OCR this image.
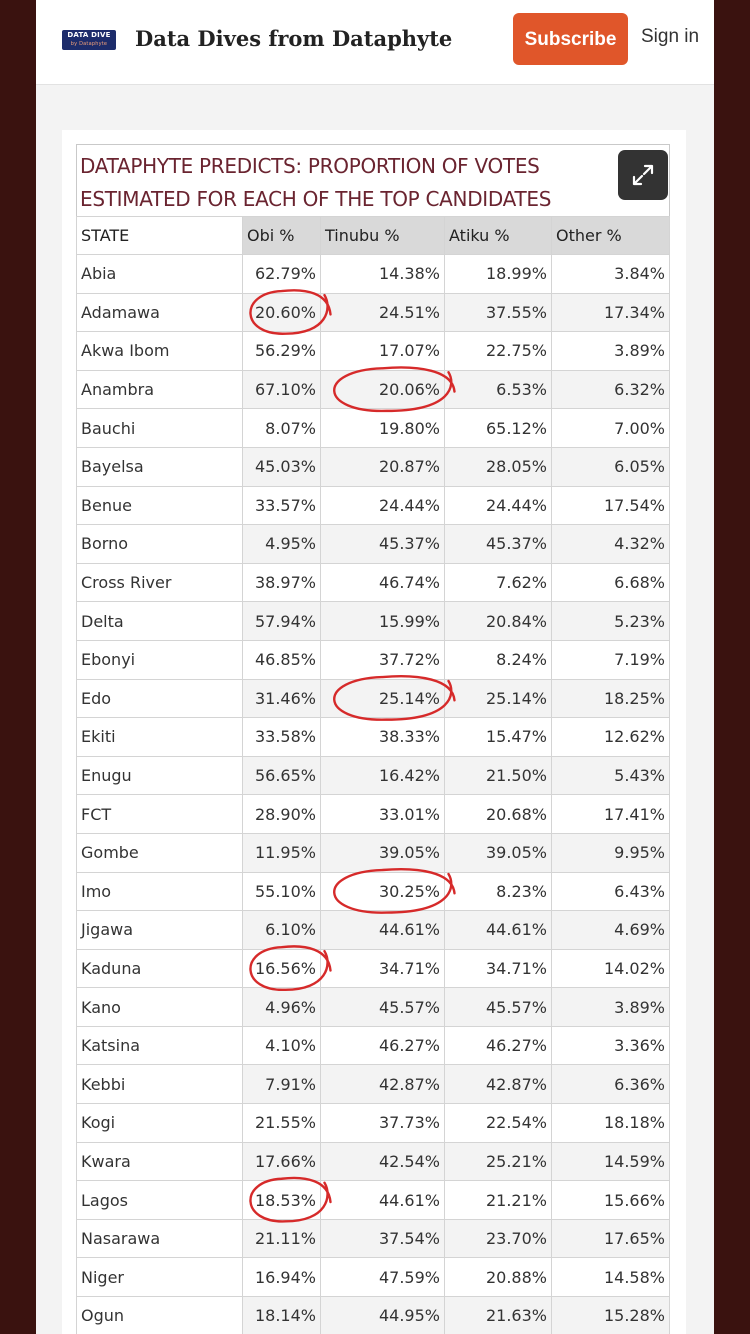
DATA DIVE
by Dataphyte	Data Dives from Dataphyte	Subscribe	Sign in
DATAPHYTE PREDICTS: PROPORTION OF VOTES ESTIMATED FOR EACH OF THE TOP CANDIDATES
STATE	Obi %	Tinubu %	Atiku %	Other %
Abia	62.79%	14.38%	18.99%	3.84%
Adamawa	20.60%	24.51%	37.55%	17.34%
Akwa Ibom	56.29%	17.07%	22.75%	3.89%
Anambra	67.10%	20.06%	6.53%	6.32%
Bauchi	8.07%	19.80%	65.12%	7.00%
Bayelsa	45.03%	20.87%	28.05%	6.05%
Benue	33.57%	24.44%	24.44%	17.54%
Borno	4.95%	45.37%	45.37%	4.32%
Cross River	38.97%	46.74%	7.62%	6.68%
Delta	57.94%	15.99%	20.84%	5.23%
Ebonyi	46.85%	37.72%	8.24%	7.19%
Edo	31.46%	25.14%	25.14%	18.25%
Ekiti	33.58%	38.33%	15.47%	12.62%
Enugu	56.65%	16.42%	21.50%	5.43%
FCT	28.90%	33.01%	20.68%	17.41%
Gombe	11.95%	39.05%	39.05%	9.95%
Imo	55.10%	30.25%	8.23%	6.43%
Jigawa	6.10%	44.61%	44.61%	4.69%
Kaduna	16.56%	34.71%	34.71%	14.02%
Kano	4.96%	45.57%	45.57%	3.89%
Katsina	4.10%	46.27%	46.27%	3.36%
Kebbi	7.91%	42.87%	42.87%	6.36%
Kogi	21.55%	37.73%	22.54%	18.18%
Kwara	17.66%	42.54%	25.21%	14.59%
Lagos	18.53%	44.61%	21.21%	15.66%
Nasarawa	21.11%	37.54%	23.70%	17.65%
Niger	16.94%	47.59%	20.88%	14.58%
Ogun	18.14%	44.95%	21.63%	15.28%
